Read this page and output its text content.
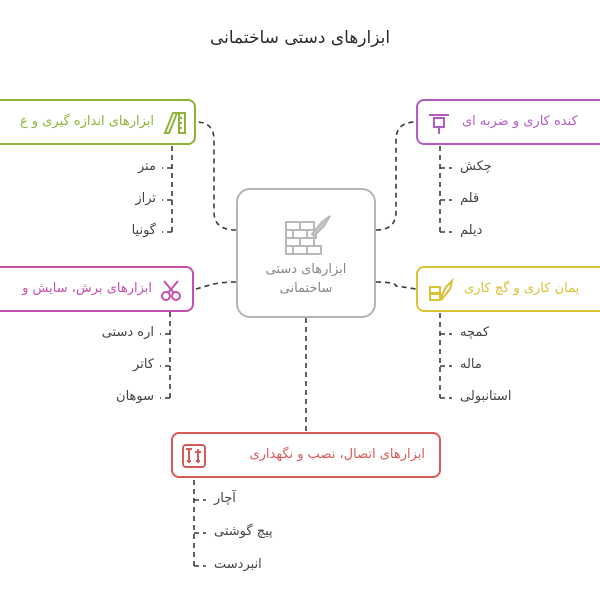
ابزارهای دستی ساختمانی
ابزارهای دستی ساختمانی
ابزارهای اندازه گیری و ع
متر
تراز
گونیا
ابزارهای برش، سایش و
اره دستی
کاتر
سوهان
کنده کاری و ضربه ای
چکش
قلم
دیلم
یمان کاری و گچ کاری
کمچه
ماله
استانبولی
ابزارهای اتصال، نصب و نگهداری
آچار
پیچ گوشتی
انبردست
